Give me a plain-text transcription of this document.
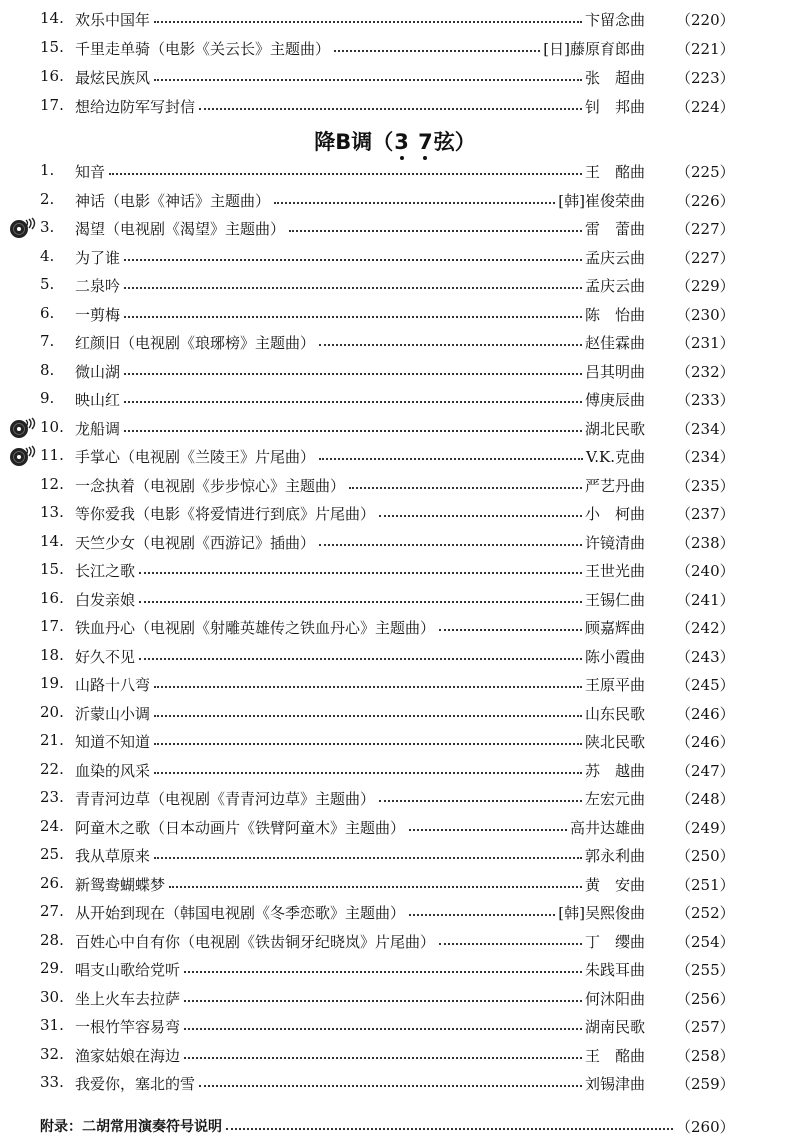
14. 欢乐中国年	卞留念曲 （220）
15. 千里走单骑（电影《关云长》主题曲）	[日]藤原育郎曲 （221）
16. 最炫民族风	张　超曲 （223）
17. 想给边防军写封信	钊　邦曲 （224）
降B调（3 7弦）
1. 知音	王　酩曲 （225）
2. 神话（电影《神话》主题曲）	[韩]崔俊荣曲 （226）
3. 渴望（电视剧《渴望》主题曲）	雷　蕾曲 （227）
4. 为了谁	孟庆云曲 （227）
5. 二泉吟	孟庆云曲 （229）
6. 一剪梅	陈　怡曲 （230）
7. 红颜旧（电视剧《琅琊榜》主题曲）	赵佳霖曲 （231）
8. 微山湖	吕其明曲 （232）
9. 映山红	傅庚辰曲 （233）
10. 龙船调	湖北民歌 （234）
11. 手掌心（电视剧《兰陵王》片尾曲）	V.K.克曲 （234）
12. 一念执着（电视剧《步步惊心》主题曲）	严艺丹曲 （235）
13. 等你爱我（电影《将爱情进行到底》片尾曲）	小　柯曲 （237）
14. 天竺少女（电视剧《西游记》插曲）	许镜清曲 （238）
15. 长江之歌	王世光曲 （240）
16. 白发亲娘	王锡仁曲 （241）
17. 铁血丹心（电视剧《射雕英雄传之铁血丹心》主题曲）	顾嘉辉曲 （242）
18. 好久不见	陈小霞曲 （243）
19. 山路十八弯	王原平曲 （245）
20. 沂蒙山小调	山东民歌 （246）
21. 知道不知道	陕北民歌 （246）
22. 血染的风采	苏　越曲 （247）
23. 青青河边草（电视剧《青青河边草》主题曲）	左宏元曲 （248）
24. 阿童木之歌（日本动画片《铁臂阿童木》主题曲）	高井达雄曲 （249）
25. 我从草原来	郭永利曲 （250）
26. 新鸳鸯蝴蝶梦	黄　安曲 （251）
27. 从开始到现在（韩国电视剧《冬季恋歌》主题曲）	[韩]吴熙俊曲 （252）
28. 百姓心中自有你（电视剧《铁齿铜牙纪晓岚》片尾曲）	丁　缨曲 （254）
29. 唱支山歌给党听	朱践耳曲 （255）
30. 坐上火车去拉萨	何沐阳曲 （256）
31. 一根竹竿容易弯	湖南民歌 （257）
32. 渔家姑娘在海边	王　酩曲 （258）
33. 我爱你，塞北的雪	刘锡津曲 （259）
附录：二胡常用演奏符号说明	（260）
